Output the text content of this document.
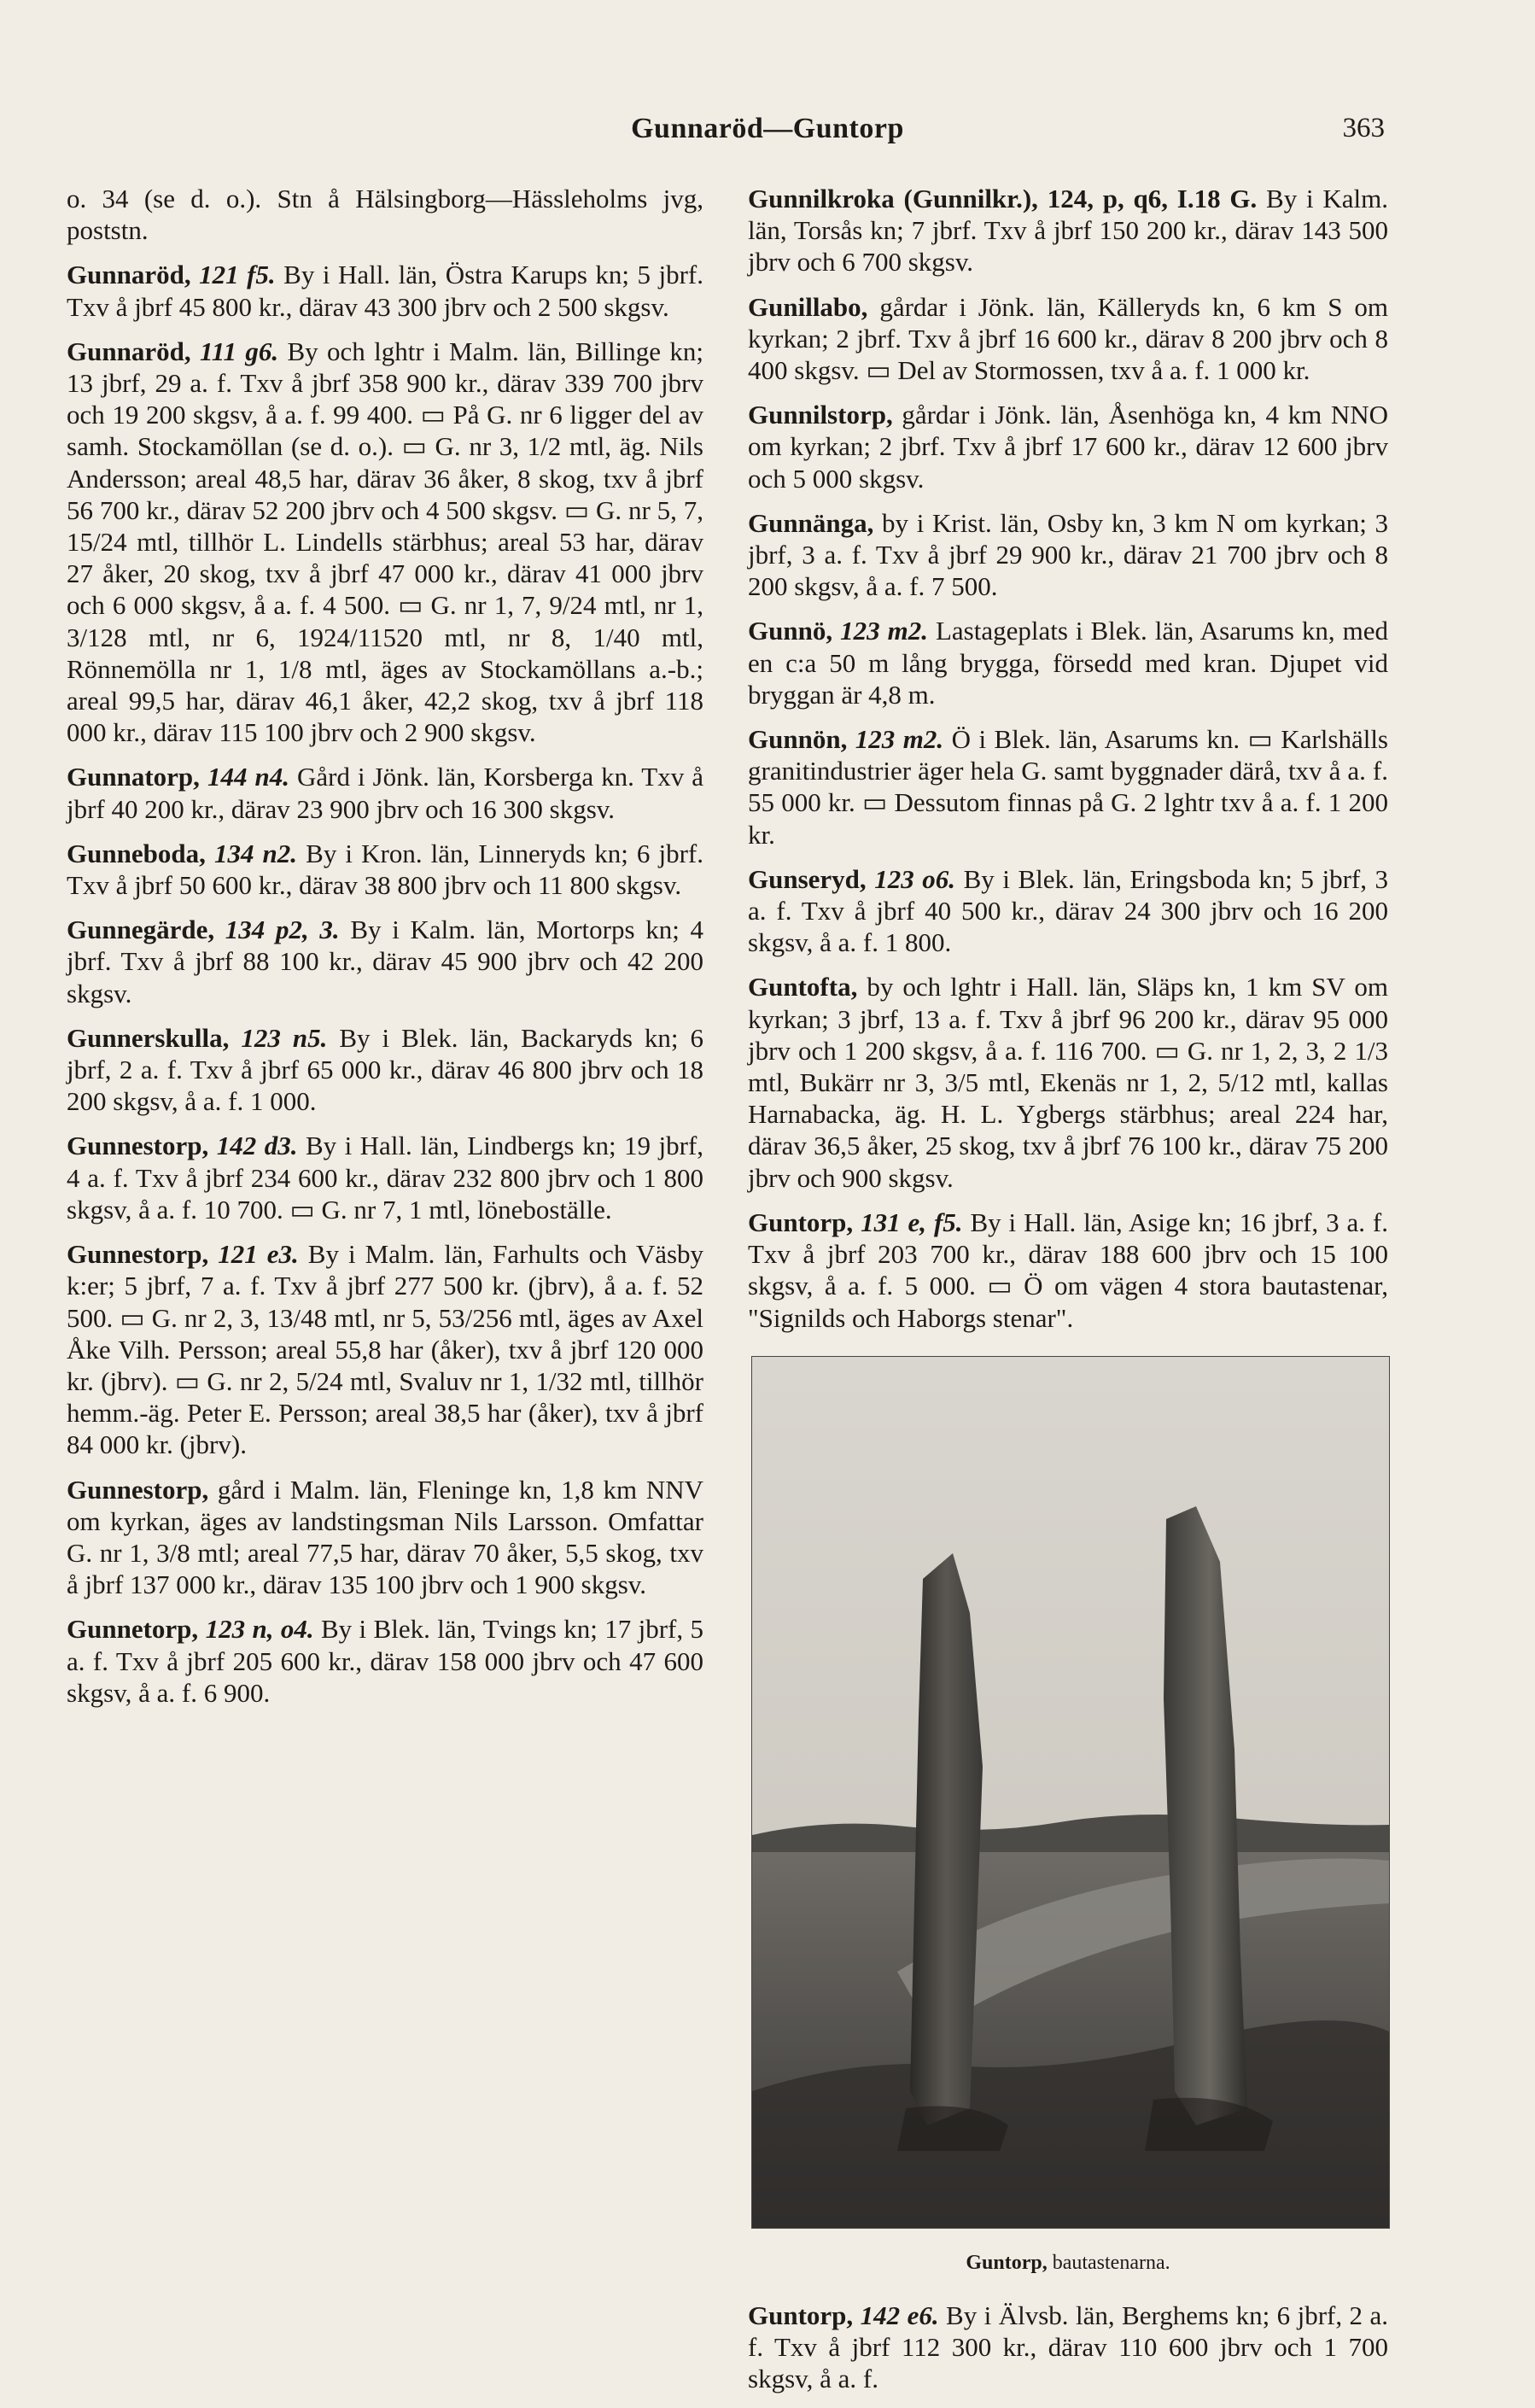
Gunnaröd—Guntorp	363

o. 34 (se d. o.). Stn å Hälsingborg—Hässleholms jvg, poststn.

Gunnaröd, 121 f5. By i Hall. län, Östra Karups kn; 5 jbrf. Txv å jbrf 45 800 kr., därav 43 300 jbrv och 2 500 skgsv.

Gunnaröd, 111 g6. By och lghtr i Malm. län, Billinge kn; 13 jbrf, 29 a. f. Txv å jbrf 358 900 kr., därav 339 700 jbrv och 19 200 skgsv, å a. f. 99 400. ▭ På G. nr 6 ligger del av samh. Stockamöllan (se d. o.). ▭ G. nr 3, 1/2 mtl, äg. Nils Andersson; areal 48,5 har, därav 36 åker, 8 skog, txv å jbrf 56 700 kr., därav 52 200 jbrv och 4 500 skgsv. ▭ G. nr 5, 7, 15/24 mtl, tillhör L. Lindells stärbhus; areal 53 har, därav 27 åker, 20 skog, txv å jbrf 47 000 kr., därav 41 000 jbrv och 6 000 skgsv, å a. f. 4 500. ▭ G. nr 1, 7, 9/24 mtl, nr 1, 3/128 mtl, nr 6, 1924/11520 mtl, nr 8, 1/40 mtl, Rönnemölla nr 1, 1/8 mtl, äges av Stockamöllans a.-b.; areal 99,5 har, därav 46,1 åker, 42,2 skog, txv å jbrf 118 000 kr., därav 115 100 jbrv och 2 900 skgsv.

Gunnatorp, 144 n4. Gård i Jönk. län, Korsberga kn. Txv å jbrf 40 200 kr., därav 23 900 jbrv och 16 300 skgsv.

Gunneboda, 134 n2. By i Kron. län, Linneryds kn; 6 jbrf. Txv å jbrf 50 600 kr., därav 38 800 jbrv och 11 800 skgsv.

Gunnegärde, 134 p2, 3. By i Kalm. län, Mortorps kn; 4 jbrf. Txv å jbrf 88 100 kr., därav 45 900 jbrv och 42 200 skgsv.

Gunnerskulla, 123 n5. By i Blek. län, Backaryds kn; 6 jbrf, 2 a. f. Txv å jbrf 65 000 kr., därav 46 800 jbrv och 18 200 skgsv, å a. f. 1 000.

Gunnestorp, 142 d3. By i Hall. län, Lindbergs kn; 19 jbrf, 4 a. f. Txv å jbrf 234 600 kr., därav 232 800 jbrv och 1 800 skgsv, å a. f. 10 700. ▭ G. nr 7, 1 mtl, löneboställe.

Gunnestorp, 121 e3. By i Malm. län, Farhults och Väsby k:er; 5 jbrf, 7 a. f. Txv å jbrf 277 500 kr. (jbrv), å a. f. 52 500. ▭ G. nr 2, 3, 13/48 mtl, nr 5, 53/256 mtl, äges av Axel Åke Vilh. Persson; areal 55,8 har (åker), txv å jbrf 120 000 kr. (jbrv). ▭ G. nr 2, 5/24 mtl, Svaluv nr 1, 1/32 mtl, tillhör hemm.-äg. Peter E. Persson; areal 38,5 har (åker), txv å jbrf 84 000 kr. (jbrv).

Gunnestorp, gård i Malm. län, Fleninge kn, 1,8 km NNV om kyrkan, äges av landstingsman Nils Larsson. Omfattar G. nr 1, 3/8 mtl; areal 77,5 har, därav 70 åker, 5,5 skog, txv å jbrf 137 000 kr., därav 135 100 jbrv och 1 900 skgsv.

Gunnetorp, 123 n, o4. By i Blek. län, Tvings kn; 17 jbrf, 5 a. f. Txv å jbrf 205 600 kr., därav 158 000 jbrv och 47 600 skgsv, å a. f. 6 900.

Gunnilkroka (Gunnilkr.), 124, p, q6, I.18 G. By i Kalm. län, Torsås kn; 7 jbrf. Txv å jbrf 150 200 kr., därav 143 500 jbrv och 6 700 skgsv.

Gunillabo, gårdar i Jönk. län, Källeryds kn, 6 km S om kyrkan; 2 jbrf. Txv å jbrf 16 600 kr., därav 8 200 jbrv och 8 400 skgsv. ▭ Del av Stormossen, txv å a. f. 1 000 kr.

Gunnilstorp, gårdar i Jönk. län, Åsenhöga kn, 4 km NNO om kyrkan; 2 jbrf. Txv å jbrf 17 600 kr., därav 12 600 jbrv och 5 000 skgsv.

Gunnänga, by i Krist. län, Osby kn, 3 km N om kyrkan; 3 jbrf, 3 a. f. Txv å jbrf 29 900 kr., därav 21 700 jbrv och 8 200 skgsv, å a. f. 7 500.

Gunnö, 123 m2. Lastageplats i Blek. län, Asarums kn, med en c:a 50 m lång brygga, försedd med kran. Djupet vid bryggan är 4,8 m.

Gunnön, 123 m2. Ö i Blek. län, Asarums kn. ▭ Karlshälls granitindustrier äger hela G. samt byggnader därå, txv å a. f. 55 000 kr. ▭ Dessutom finnas på G. 2 lghtr txv å a. f. 1 200 kr.

Gunseryd, 123 o6. By i Blek. län, Eringsboda kn; 5 jbrf, 3 a. f. Txv å jbrf 40 500 kr., därav 24 300 jbrv och 16 200 skgsv, å a. f. 1 800.

Guntofta, by och lghtr i Hall. län, Släps kn, 1 km SV om kyrkan; 3 jbrf, 13 a. f. Txv å jbrf 96 200 kr., därav 95 000 jbrv och 1 200 skgsv, å a. f. 116 700. ▭ G. nr 1, 2, 3, 2 1/3 mtl, Bukärr nr 3, 3/5 mtl, Ekenäs nr 1, 2, 5/12 mtl, kallas Harnabacka, äg. H. L. Ygbergs stärbhus; areal 224 har, därav 36,5 åker, 25 skog, txv å jbrf 76 100 kr., därav 75 200 jbrv och 900 skgsv.

Guntorp, 131 e, f5. By i Hall. län, Asige kn; 16 jbrf, 3 a. f. Txv å jbrf 203 700 kr., därav 188 600 jbrv och 15 100 skgsv, å a. f. 5 000. ▭ Ö om vägen 4 stora bautastenar, "Signilds och Haborgs stenar".

Guntorp, bautastenarna.

Guntorp, 142 e6. By i Älvsb. län, Berghems kn; 6 jbrf, 2 a. f. Txv å jbrf 112 300 kr., därav 110 600 jbrv och 1 700 skgsv, å a. f.
